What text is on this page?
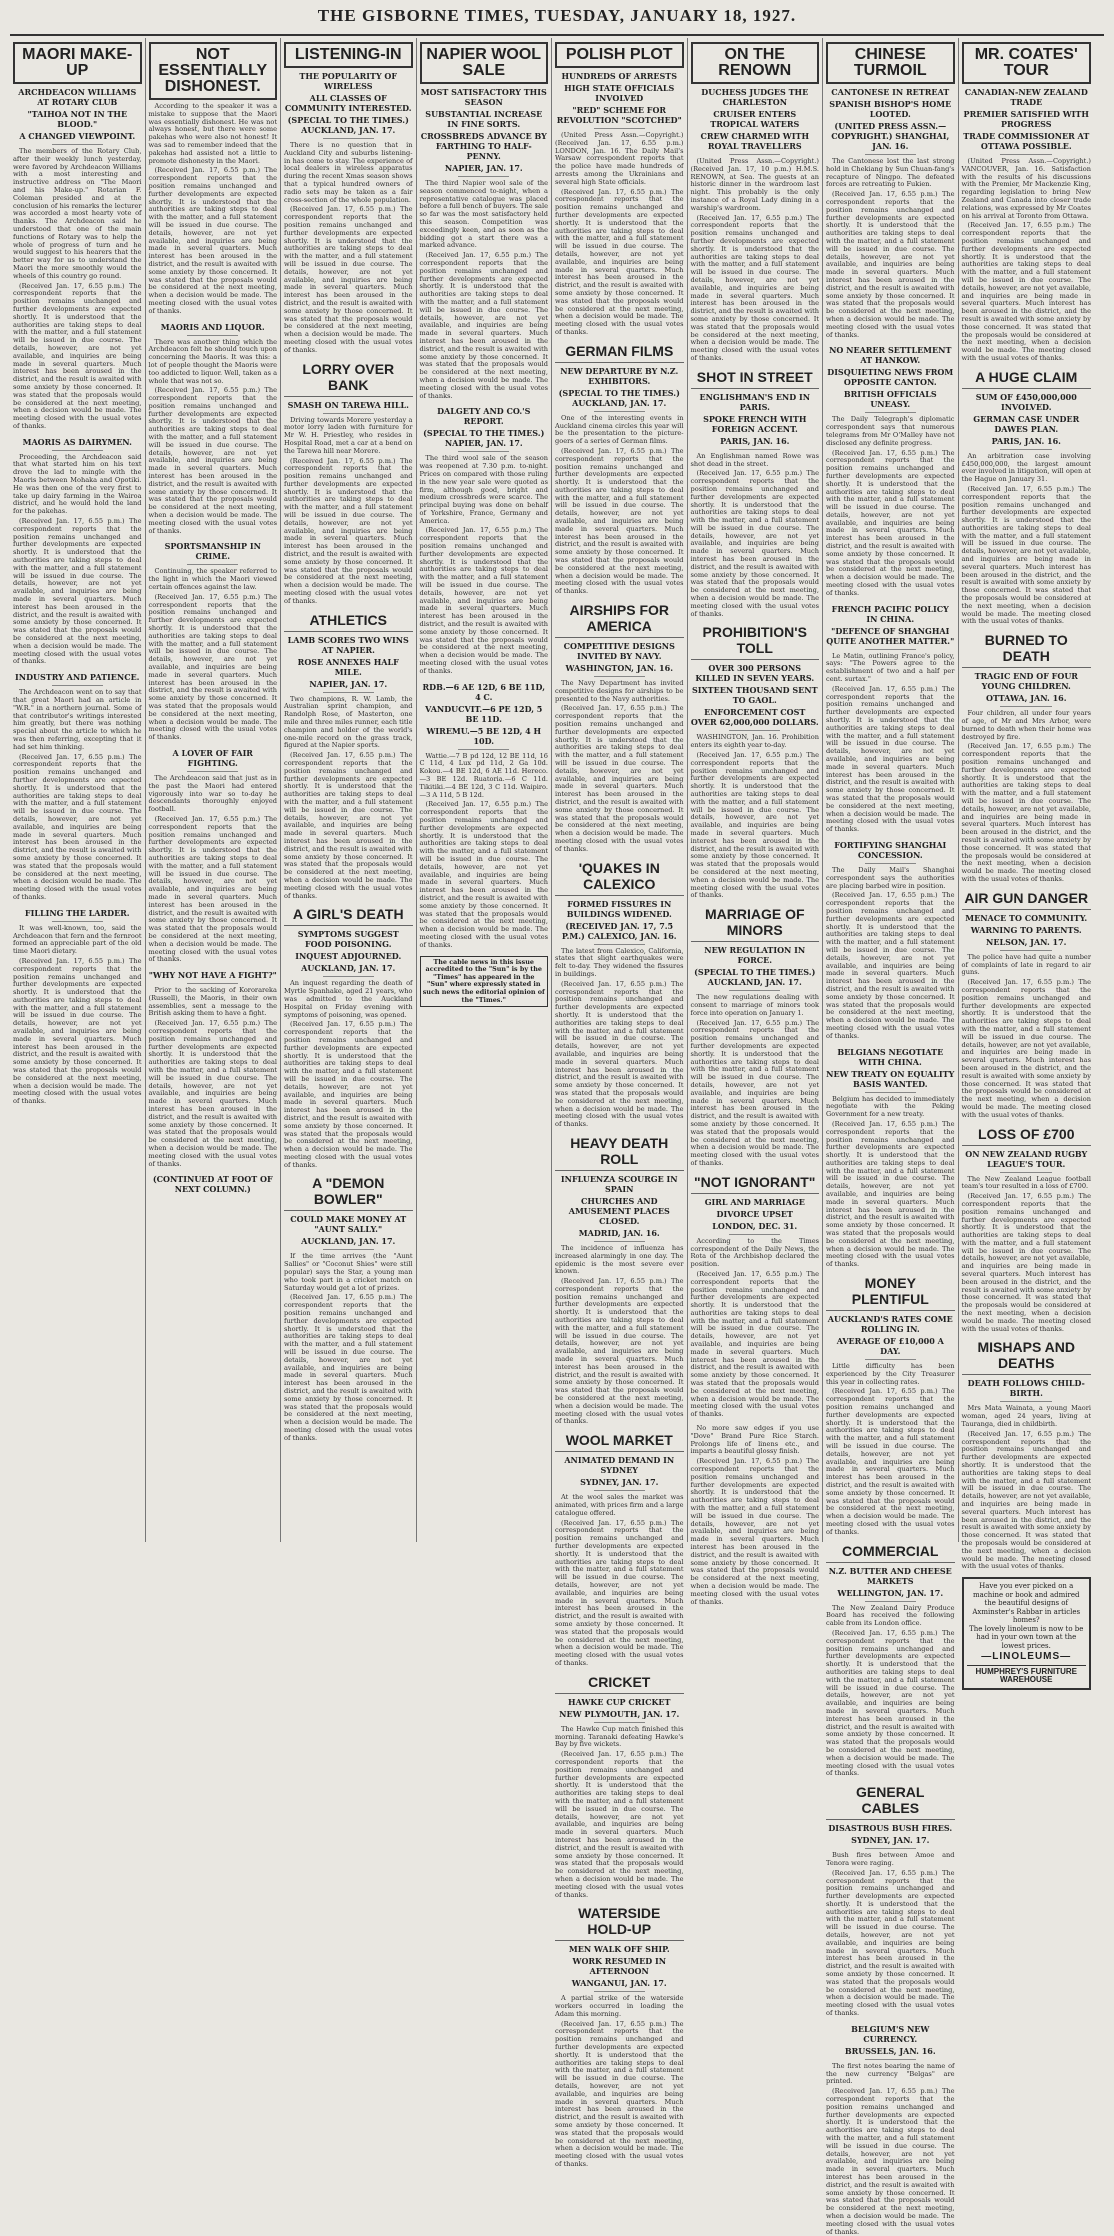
THE GISBORNE TIMES, TUESDAY, JANUARY 18, 1927.
MAORI MAKE-UP
ARCHDEACON WILLIAMS AT ROTARY CLUB
"TAIHOA NOT IN THE BLOOD."
A CHANGED VIEWPOINT.

The members of the Rotary Club, after their weekly lunch yesterday, were favored by Archdeacon Williams with a most interesting and instructive address on "The Maori and his Make-up." Rotarian F. Coleman presided and at the conclusion of his remarks the lecturer was accorded a most hearty vote of thanks. The Archdeacon said he understood that one of the main functions of Rotary was to help the whole of progress of turn and he would suggest to his hearers that the better way for us to understand the Maori the more smoothly would the wheels of this country go round.

(Received Jan. 17, 6.55 p.m.) The correspondent reports that the position remains unchanged and further developments are expected shortly. It is understood that the authorities are taking steps to deal with the matter, and a full statement will be issued in due course. The details, however, are not yet available, and inquiries are being made in several quarters. Much interest has been aroused in the district, and the result is awaited with some anxiety by those concerned. It was stated that the proposals would be considered at the next meeting, when a decision would be made. The meeting closed with the usual votes of thanks.

MAORIS AS DAIRYMEN.

Proceeding, the Archdeacon said that what started him on his text drove the lad to mingle with the Maoris between Mohaka and Opotiki. He was then one of the very first to take up dairy farming in the Wairoa district, and he would hold the land for the pakehas.

(Received Jan. 17, 6.55 p.m.) The correspondent reports that the position remains unchanged and further developments are expected shortly. It is understood that the authorities are taking steps to deal with the matter, and a full statement will be issued in due course. The details, however, are not yet available, and inquiries are being made in several quarters. Much interest has been aroused in the district, and the result is awaited with some anxiety by those concerned. It was stated that the proposals would be considered at the next meeting, when a decision would be made. The meeting closed with the usual votes of thanks.

INDUSTRY AND PATIENCE.

The Archdeacon went on to say that that great Maori had an article in "W.R." in a northern journal. Some of that contributor's writings interested him greatly, but there was nothing special about the article to which he was then referring, excepting that it had set him thinking.

(Received Jan. 17, 6.55 p.m.) The correspondent reports that the position remains unchanged and further developments are expected shortly. It is understood that the authorities are taking steps to deal with the matter, and a full statement will be issued in due course. The details, however, are not yet available, and inquiries are being made in several quarters. Much interest has been aroused in the district, and the result is awaited with some anxiety by those concerned. It was stated that the proposals would be considered at the next meeting, when a decision would be made. The meeting closed with the usual votes of thanks.

FILLING THE LARDER.

It was well-known, too, said the Archdeacon that fern and the fernroot formed an appreciable part of the old time Maori dietary.

(Received Jan. 17, 6.55 p.m.) The correspondent reports that the position remains unchanged and further developments are expected shortly. It is understood that the authorities are taking steps to deal with the matter, and a full statement will be issued in due course. The details, however, are not yet available, and inquiries are being made in several quarters. Much interest has been aroused in the district, and the result is awaited with some anxiety by those concerned. It was stated that the proposals would be considered at the next meeting, when a decision would be made. The meeting closed with the usual votes of thanks.

NOT ESSENTIALLY DISHONEST.

According to the speaker it was a mistake to suppose that the Maori was essentially dishonest. He was not always honest, but there were some pakehas who were also not honest! It was sad to remember indeed that the pakehas had assisted not a little to promote dishonesty in the Maori.

(Received Jan. 17, 6.55 p.m.) The correspondent reports that the position remains unchanged and further developments are expected shortly. It is understood that the authorities are taking steps to deal with the matter, and a full statement will be issued in due course. The details, however, are not yet available, and inquiries are being made in several quarters. Much interest has been aroused in the district, and the result is awaited with some anxiety by those concerned. It was stated that the proposals would be considered at the next meeting, when a decision would be made. The meeting closed with the usual votes of thanks.

MAORIS AND LIQUOR.

There was another thing which the Archdeacon felt he should touch upon concerning the Maoris. It was this: a lot of people thought the Maoris were too addicted to liquor. Well, taken as a whole that was not so.

(Received Jan. 17, 6.55 p.m.) The correspondent reports that the position remains unchanged and further developments are expected shortly. It is understood that the authorities are taking steps to deal with the matter, and a full statement will be issued in due course. The details, however, are not yet available, and inquiries are being made in several quarters. Much interest has been aroused in the district, and the result is awaited with some anxiety by those concerned. It was stated that the proposals would be considered at the next meeting, when a decision would be made. The meeting closed with the usual votes of thanks.

SPORTSMANSHIP IN CRIME.

Continuing, the speaker referred to the light in which the Maori viewed certain offences against the law.

(Received Jan. 17, 6.55 p.m.) The correspondent reports that the position remains unchanged and further developments are expected shortly. It is understood that the authorities are taking steps to deal with the matter, and a full statement will be issued in due course. The details, however, are not yet available, and inquiries are being made in several quarters. Much interest has been aroused in the district, and the result is awaited with some anxiety by those concerned. It was stated that the proposals would be considered at the next meeting, when a decision would be made. The meeting closed with the usual votes of thanks.

A LOVER OF FAIR FIGHTING.

The Archdeacon said that just as in the past the Maori had entered vigorously into war so to-day he descendants thoroughly enjoyed football.

(Received Jan. 17, 6.55 p.m.) The correspondent reports that the position remains unchanged and further developments are expected shortly. It is understood that the authorities are taking steps to deal with the matter, and a full statement will be issued in due course. The details, however, are not yet available, and inquiries are being made in several quarters. Much interest has been aroused in the district, and the result is awaited with some anxiety by those concerned. It was stated that the proposals would be considered at the next meeting, when a decision would be made. The meeting closed with the usual votes of thanks.

"WHY NOT HAVE A FIGHT?"

Prior to the sacking of Kororareka (Russell), the Maoris, in their own assemblies, sent a message to the British asking them to have a fight.

(Received Jan. 17, 6.55 p.m.) The correspondent reports that the position remains unchanged and further developments are expected shortly. It is understood that the authorities are taking steps to deal with the matter, and a full statement will be issued in due course. The details, however, are not yet available, and inquiries are being made in several quarters. Much interest has been aroused in the district, and the result is awaited with some anxiety by those concerned. It was stated that the proposals would be considered at the next meeting, when a decision would be made. The meeting closed with the usual votes of thanks.

(CONTINUED AT FOOT OF NEXT COLUMN.)
LISTENING-IN
THE POPULARITY OF WIRELESS
ALL CLASSES OF COMMUNITY INTERESTED.
(SPECIAL TO THE TIMES.) AUCKLAND, JAN. 17.

There is no question that in Auckland City and suburbs listening-in has come to stay. The experience of local dealers in wireless apparatus during the recent Xmas season shows that a typical hundred owners of radio sets may be taken as a fair cross-section of the whole population.

(Received Jan. 17, 6.55 p.m.) The correspondent reports that the position remains unchanged and further developments are expected shortly. It is understood that the authorities are taking steps to deal with the matter, and a full statement will be issued in due course. The details, however, are not yet available, and inquiries are being made in several quarters. Much interest has been aroused in the district, and the result is awaited with some anxiety by those concerned. It was stated that the proposals would be considered at the next meeting, when a decision would be made. The meeting closed with the usual votes of thanks.

LORRY OVER BANK
SMASH ON TAREWA HILL.

Driving towards Morere yesterday a motor lorry laden with furniture for Mr W. H. Priestley, who resides in Hospital Road, met a car at a bend on the Tarewa hill near Morere.

(Received Jan. 17, 6.55 p.m.) The correspondent reports that the position remains unchanged and further developments are expected shortly. It is understood that the authorities are taking steps to deal with the matter, and a full statement will be issued in due course. The details, however, are not yet available, and inquiries are being made in several quarters. Much interest has been aroused in the district, and the result is awaited with some anxiety by those concerned. It was stated that the proposals would be considered at the next meeting, when a decision would be made. The meeting closed with the usual votes of thanks.

ATHLETICS
LAMB SCORES TWO WINS AT NAPIER.
ROSE ANNEXES HALF MILE.
NAPIER, JAN. 17.

Two champions, R. W. Lamb, the Australian sprint champion, and Randolph Rose, of Masterton, one mile and three miles runner, each title champion and holder of the world's one-mile record on the grass track, figured at the Napier sports.

(Received Jan. 17, 6.55 p.m.) The correspondent reports that the position remains unchanged and further developments are expected shortly. It is understood that the authorities are taking steps to deal with the matter, and a full statement will be issued in due course. The details, however, are not yet available, and inquiries are being made in several quarters. Much interest has been aroused in the district, and the result is awaited with some anxiety by those concerned. It was stated that the proposals would be considered at the next meeting, when a decision would be made. The meeting closed with the usual votes of thanks.

A GIRL'S DEATH
SYMPTOMS SUGGEST FOOD POISONING.
INQUEST ADJOURNED.
AUCKLAND, JAN. 17.

An inquest regarding the death of Myrtle Spanhake, aged 21 years, who was admitted to the Auckland Hospital on Friday evening with symptoms of poisoning, was opened.

(Received Jan. 17, 6.55 p.m.) The correspondent reports that the position remains unchanged and further developments are expected shortly. It is understood that the authorities are taking steps to deal with the matter, and a full statement will be issued in due course. The details, however, are not yet available, and inquiries are being made in several quarters. Much interest has been aroused in the district, and the result is awaited with some anxiety by those concerned. It was stated that the proposals would be considered at the next meeting, when a decision would be made. The meeting closed with the usual votes of thanks.

A "DEMON BOWLER"
COULD MAKE MONEY AT "AUNT SALLY."
AUCKLAND, JAN. 17.

If the time arrives (the "Aunt Sallies" or "Coconut Shies" were still popular) says the Star, a young man who took part in a cricket match on Saturday would get a lot of prizes.

(Received Jan. 17, 6.55 p.m.) The correspondent reports that the position remains unchanged and further developments are expected shortly. It is understood that the authorities are taking steps to deal with the matter, and a full statement will be issued in due course. The details, however, are not yet available, and inquiries are being made in several quarters. Much interest has been aroused in the district, and the result is awaited with some anxiety by those concerned. It was stated that the proposals would be considered at the next meeting, when a decision would be made. The meeting closed with the usual votes of thanks.

NAPIER WOOL SALE
MOST SATISFACTORY THIS SEASON
SUBSTANTIAL INCREASE IN FINE SORTS.
CROSSBREDS ADVANCE BY FARTHING TO HALF-PENNY.
NAPIER, JAN. 17.

The third Napier wool sale of the season commenced to-night, when a representative catalogue was placed before a full bench of buyers. The sale so far was the most satisfactory held this season. Competition was exceedingly keen, and as soon as the bidding got a start there was a marked advance.

(Received Jan. 17, 6.55 p.m.) The correspondent reports that the position remains unchanged and further developments are expected shortly. It is understood that the authorities are taking steps to deal with the matter, and a full statement will be issued in due course. The details, however, are not yet available, and inquiries are being made in several quarters. Much interest has been aroused in the district, and the result is awaited with some anxiety by those concerned. It was stated that the proposals would be considered at the next meeting, when a decision would be made. The meeting closed with the usual votes of thanks.

DALGETY AND CO.'S REPORT.
(SPECIAL TO THE TIMES.) NAPIER, JAN. 17.

The third wool sale of the season was reopened at 7.30 p.m. to-night. Prices on compared with those ruling in the new year sale were quoted as firm, although good, bright and medium crossbreds were scarce. The principal buying was done on behalf of Yorkshire, France, Germany and America.

(Received Jan. 17, 6.55 p.m.) The correspondent reports that the position remains unchanged and further developments are expected shortly. It is understood that the authorities are taking steps to deal with the matter, and a full statement will be issued in due course. The details, however, are not yet available, and inquiries are being made in several quarters. Much interest has been aroused in the district, and the result is awaited with some anxiety by those concerned. It was stated that the proposals would be considered at the next meeting, when a decision would be made. The meeting closed with the usual votes of thanks.

RDB.—6 AE 12D, 6 BE 11D, 4 C.
VANDUCVIT.—6 PE 12D, 5 BE 11D.
WIREMU.—5 BE 12D, 4 H 10D.

Wattie.—7 B pd 12d, 12 BE 11d, 16 C 11d, 4 Lux pd 11d, 2 Ga 10d. Kokou.—4 BE 12d, 6 AE 11d. Hereco.—3 BE 12d. Ruatoria.—6 C 11d. Tikitiki.—4 BE 12d, 3 C 11d. Waipiro.—3 A 11d, 5 B 12d.

(Received Jan. 17, 6.55 p.m.) The correspondent reports that the position remains unchanged and further developments are expected shortly. It is understood that the authorities are taking steps to deal with the matter, and a full statement will be issued in due course. The details, however, are not yet available, and inquiries are being made in several quarters. Much interest has been aroused in the district, and the result is awaited with some anxiety by those concerned. It was stated that the proposals would be considered at the next meeting, when a decision would be made. The meeting closed with the usual votes of thanks.

The cable news in this issue accredited to the "Sun" is by the "Times" has appeared in the "Sun" where expressly stated in such news the editorial opinion of the "Times."
POLISH PLOT
HUNDREDS OF ARRESTS
HIGH STATE OFFICIALS INVOLVED
"RED" SCHEME FOR REVOLUTION "SCOTCHED"

(United Press Assn.—Copyright.) (Received Jan. 17, 6.55 p.m.) LONDON, Jan. 16. The Daily Mail's Warsaw correspondent reports that the police have made hundreds of arrests among the Ukrainians and several high State officials.

(Received Jan. 17, 6.55 p.m.) The correspondent reports that the position remains unchanged and further developments are expected shortly. It is understood that the authorities are taking steps to deal with the matter, and a full statement will be issued in due course. The details, however, are not yet available, and inquiries are being made in several quarters. Much interest has been aroused in the district, and the result is awaited with some anxiety by those concerned. It was stated that the proposals would be considered at the next meeting, when a decision would be made. The meeting closed with the usual votes of thanks.

GERMAN FILMS
NEW DEPARTURE BY N.Z. EXHIBITORS.
(SPECIAL TO THE TIMES.) AUCKLAND, JAN. 17.

One of the interesting events in Auckland cinema circles this year will be the presentation to the picture-goers of a series of German films.

(Received Jan. 17, 6.55 p.m.) The correspondent reports that the position remains unchanged and further developments are expected shortly. It is understood that the authorities are taking steps to deal with the matter, and a full statement will be issued in due course. The details, however, are not yet available, and inquiries are being made in several quarters. Much interest has been aroused in the district, and the result is awaited with some anxiety by those concerned. It was stated that the proposals would be considered at the next meeting, when a decision would be made. The meeting closed with the usual votes of thanks.

AIRSHIPS FOR AMERICA
COMPETITIVE DESIGNS INVITED BY NAVY.
WASHINGTON, JAN. 16.

The Navy Department has invited competitive designs for airships to be presented to the Navy authorities.

(Received Jan. 17, 6.55 p.m.) The correspondent reports that the position remains unchanged and further developments are expected shortly. It is understood that the authorities are taking steps to deal with the matter, and a full statement will be issued in due course. The details, however, are not yet available, and inquiries are being made in several quarters. Much interest has been aroused in the district, and the result is awaited with some anxiety by those concerned. It was stated that the proposals would be considered at the next meeting, when a decision would be made. The meeting closed with the usual votes of thanks.

'QUAKES IN CALEXICO
FORMED FISSURES IN BUILDINGS WIDENED.
(RECEIVED JAN. 17, 7.5 P.M.) CALEXICO, JAN. 16.

The latest from Calexico, California, states that slight earthquakes were felt to-day. They widened the fissures in buildings.

(Received Jan. 17, 6.55 p.m.) The correspondent reports that the position remains unchanged and further developments are expected shortly. It is understood that the authorities are taking steps to deal with the matter, and a full statement will be issued in due course. The details, however, are not yet available, and inquiries are being made in several quarters. Much interest has been aroused in the district, and the result is awaited with some anxiety by those concerned. It was stated that the proposals would be considered at the next meeting, when a decision would be made. The meeting closed with the usual votes of thanks.

HEAVY DEATH ROLL
INFLUENZA SCOURGE IN SPAIN
CHURCHES AND AMUSEMENT PLACES CLOSED.
MADRID, JAN. 16.

The incidence of influenza has increased alarmingly in one day. The epidemic is the most severe ever known.

(Received Jan. 17, 6.55 p.m.) The correspondent reports that the position remains unchanged and further developments are expected shortly. It is understood that the authorities are taking steps to deal with the matter, and a full statement will be issued in due course. The details, however, are not yet available, and inquiries are being made in several quarters. Much interest has been aroused in the district, and the result is awaited with some anxiety by those concerned. It was stated that the proposals would be considered at the next meeting, when a decision would be made. The meeting closed with the usual votes of thanks.

WOOL MARKET
ANIMATED DEMAND IN SYDNEY
SYDNEY, JAN. 17.

At the wool sales the market was animated, with prices firm and a large catalogue offered.

(Received Jan. 17, 6.55 p.m.) The correspondent reports that the position remains unchanged and further developments are expected shortly. It is understood that the authorities are taking steps to deal with the matter, and a full statement will be issued in due course. The details, however, are not yet available, and inquiries are being made in several quarters. Much interest has been aroused in the district, and the result is awaited with some anxiety by those concerned. It was stated that the proposals would be considered at the next meeting, when a decision would be made. The meeting closed with the usual votes of thanks.

CRICKET
HAWKE CUP CRICKET
NEW PLYMOUTH, JAN. 17.

The Hawke Cup match finished this morning. Taranaki defeating Hawke's Bay by five wickets.

(Received Jan. 17, 6.55 p.m.) The correspondent reports that the position remains unchanged and further developments are expected shortly. It is understood that the authorities are taking steps to deal with the matter, and a full statement will be issued in due course. The details, however, are not yet available, and inquiries are being made in several quarters. Much interest has been aroused in the district, and the result is awaited with some anxiety by those concerned. It was stated that the proposals would be considered at the next meeting, when a decision would be made. The meeting closed with the usual votes of thanks.

WATERSIDE HOLD-UP
MEN WALK OFF SHIP.
WORK RESUMED IN AFTERNOON
WANGANUI, JAN. 17.

A partial strike of the waterside workers occurred in loading the Adam this morning.

(Received Jan. 17, 6.55 p.m.) The correspondent reports that the position remains unchanged and further developments are expected shortly. It is understood that the authorities are taking steps to deal with the matter, and a full statement will be issued in due course. The details, however, are not yet available, and inquiries are being made in several quarters. Much interest has been aroused in the district, and the result is awaited with some anxiety by those concerned. It was stated that the proposals would be considered at the next meeting, when a decision would be made. The meeting closed with the usual votes of thanks.

ON THE RENOWN
DUCHESS JUDGES THE CHARLESTON
CRUISER ENTERS TROPICAL WATERS
CREW CHARMED WITH ROYAL TRAVELLERS

(United Press Assn.—Copyright.) (Received Jan. 17, 10 p.m.) H.M.S. RENOWN, at Sea. The guests at an historic dinner in the wardroom last night. This probably is the only instance of a Royal Lady dining in a warship's wardroom.

(Received Jan. 17, 6.55 p.m.) The correspondent reports that the position remains unchanged and further developments are expected shortly. It is understood that the authorities are taking steps to deal with the matter, and a full statement will be issued in due course. The details, however, are not yet available, and inquiries are being made in several quarters. Much interest has been aroused in the district, and the result is awaited with some anxiety by those concerned. It was stated that the proposals would be considered at the next meeting, when a decision would be made. The meeting closed with the usual votes of thanks.

SHOT IN STREET
ENGLISHMAN'S END IN PARIS.
SPOKE FRENCH WITH FOREIGN ACCENT.
PARIS, JAN. 16.

An Englishman named Rowe was shot dead in the street.

(Received Jan. 17, 6.55 p.m.) The correspondent reports that the position remains unchanged and further developments are expected shortly. It is understood that the authorities are taking steps to deal with the matter, and a full statement will be issued in due course. The details, however, are not yet available, and inquiries are being made in several quarters. Much interest has been aroused in the district, and the result is awaited with some anxiety by those concerned. It was stated that the proposals would be considered at the next meeting, when a decision would be made. The meeting closed with the usual votes of thanks.

PROHIBITION'S TOLL
OVER 300 PERSONS KILLED IN SEVEN YEARS.
SIXTEEN THOUSAND SENT TO GAOL.
ENFORCEMENT COST OVER 62,000,000 DOLLARS.

WASHINGTON, Jan. 16. Prohibition enters its eighth year to-day.

(Received Jan. 17, 6.55 p.m.) The correspondent reports that the position remains unchanged and further developments are expected shortly. It is understood that the authorities are taking steps to deal with the matter, and a full statement will be issued in due course. The details, however, are not yet available, and inquiries are being made in several quarters. Much interest has been aroused in the district, and the result is awaited with some anxiety by those concerned. It was stated that the proposals would be considered at the next meeting, when a decision would be made. The meeting closed with the usual votes of thanks.

MARRIAGE OF MINORS
NEW REGULATION IN FORCE.
(SPECIAL TO THE TIMES.) AUCKLAND, JAN. 17.

The new regulations dealing with consent to marriage of minors took force into operation on January 1.

(Received Jan. 17, 6.55 p.m.) The correspondent reports that the position remains unchanged and further developments are expected shortly. It is understood that the authorities are taking steps to deal with the matter, and a full statement will be issued in due course. The details, however, are not yet available, and inquiries are being made in several quarters. Much interest has been aroused in the district, and the result is awaited with some anxiety by those concerned. It was stated that the proposals would be considered at the next meeting, when a decision would be made. The meeting closed with the usual votes of thanks.

"NOT IGNORANT"
GIRL AND MARRIAGE
DIVORCE UPSET
LONDON, DEC. 31.

According to the Times correspondent of the Daily News, the Rota of the Archbishop declared the position.

(Received Jan. 17, 6.55 p.m.) The correspondent reports that the position remains unchanged and further developments are expected shortly. It is understood that the authorities are taking steps to deal with the matter, and a full statement will be issued in due course. The details, however, are not yet available, and inquiries are being made in several quarters. Much interest has been aroused in the district, and the result is awaited with some anxiety by those concerned. It was stated that the proposals would be considered at the next meeting, when a decision would be made. The meeting closed with the usual votes of thanks.

No more saw edges if you use "Dove" Brand Pure Rice Starch. Prolongs life of linens etc., and imparts a beautiful glossy finish.

(Received Jan. 17, 6.55 p.m.) The correspondent reports that the position remains unchanged and further developments are expected shortly. It is understood that the authorities are taking steps to deal with the matter, and a full statement will be issued in due course. The details, however, are not yet available, and inquiries are being made in several quarters. Much interest has been aroused in the district, and the result is awaited with some anxiety by those concerned. It was stated that the proposals would be considered at the next meeting, when a decision would be made. The meeting closed with the usual votes of thanks.

CHINESE TURMOIL
CANTONESE IN RETREAT
SPANISH BISHOP'S HOME LOOTED.
(UNITED PRESS ASSN.—COPYRIGHT.) SHANGHAI, JAN. 16.

The Cantonese lost the last strong hold in Chekiang by Sun Chuan-fang's recapture of Ningpo. The defeated forces are retreating to Fukien.

(Received Jan. 17, 6.55 p.m.) The correspondent reports that the position remains unchanged and further developments are expected shortly. It is understood that the authorities are taking steps to deal with the matter, and a full statement will be issued in due course. The details, however, are not yet available, and inquiries are being made in several quarters. Much interest has been aroused in the district, and the result is awaited with some anxiety by those concerned. It was stated that the proposals would be considered at the next meeting, when a decision would be made. The meeting closed with the usual votes of thanks.

NO NEARER SETTLEMENT AT HANKOW.
DISQUIETING NEWS FROM OPPOSITE CANTON.
BRITISH OFFICIALS UNEASY.

The Daily Telegraph's diplomatic correspondent says that numerous telegrams from Mr O'Malley have not disclosed any definite progress.

(Received Jan. 17, 6.55 p.m.) The correspondent reports that the position remains unchanged and further developments are expected shortly. It is understood that the authorities are taking steps to deal with the matter, and a full statement will be issued in due course. The details, however, are not yet available, and inquiries are being made in several quarters. Much interest has been aroused in the district, and the result is awaited with some anxiety by those concerned. It was stated that the proposals would be considered at the next meeting, when a decision would be made. The meeting closed with the usual votes of thanks.

FRENCH PACIFIC POLICY IN CHINA.
"DEFENCE OF SHANGHAI QUITE ANOTHER MATTER."

Le Matin, outlining France's policy, says: "The Powers agree to the establishment of two and a half per cent. surtax."

(Received Jan. 17, 6.55 p.m.) The correspondent reports that the position remains unchanged and further developments are expected shortly. It is understood that the authorities are taking steps to deal with the matter, and a full statement will be issued in due course. The details, however, are not yet available, and inquiries are being made in several quarters. Much interest has been aroused in the district, and the result is awaited with some anxiety by those concerned. It was stated that the proposals would be considered at the next meeting, when a decision would be made. The meeting closed with the usual votes of thanks.

FORTIFYING SHANGHAI CONCESSION.

The Daily Mail's Shanghai correspondent says the authorities are placing barbed wire in position.

(Received Jan. 17, 6.55 p.m.) The correspondent reports that the position remains unchanged and further developments are expected shortly. It is understood that the authorities are taking steps to deal with the matter, and a full statement will be issued in due course. The details, however, are not yet available, and inquiries are being made in several quarters. Much interest has been aroused in the district, and the result is awaited with some anxiety by those concerned. It was stated that the proposals would be considered at the next meeting, when a decision would be made. The meeting closed with the usual votes of thanks.

BELGIANS NEGOTIATE WITH CHINA.
NEW TREATY ON EQUALITY BASIS WANTED.

Belgium has decided to immediately negotiate with the Peking Government for a new treaty.

(Received Jan. 17, 6.55 p.m.) The correspondent reports that the position remains unchanged and further developments are expected shortly. It is understood that the authorities are taking steps to deal with the matter, and a full statement will be issued in due course. The details, however, are not yet available, and inquiries are being made in several quarters. Much interest has been aroused in the district, and the result is awaited with some anxiety by those concerned. It was stated that the proposals would be considered at the next meeting, when a decision would be made. The meeting closed with the usual votes of thanks.

MONEY PLENTIFUL
AUCKLAND'S RATES COME ROLLING IN.
AVERAGE OF £10,000 A DAY.

Little difficulty has been experienced by the City Treasurer this year in collecting rates.

(Received Jan. 17, 6.55 p.m.) The correspondent reports that the position remains unchanged and further developments are expected shortly. It is understood that the authorities are taking steps to deal with the matter, and a full statement will be issued in due course. The details, however, are not yet available, and inquiries are being made in several quarters. Much interest has been aroused in the district, and the result is awaited with some anxiety by those concerned. It was stated that the proposals would be considered at the next meeting, when a decision would be made. The meeting closed with the usual votes of thanks.

COMMERCIAL
N.Z. BUTTER AND CHEESE MARKETS
WELLINGTON, JAN. 17.

The New Zealand Dairy Produce Board has received the following cable from its London office.

(Received Jan. 17, 6.55 p.m.) The correspondent reports that the position remains unchanged and further developments are expected shortly. It is understood that the authorities are taking steps to deal with the matter, and a full statement will be issued in due course. The details, however, are not yet available, and inquiries are being made in several quarters. Much interest has been aroused in the district, and the result is awaited with some anxiety by those concerned. It was stated that the proposals would be considered at the next meeting, when a decision would be made. The meeting closed with the usual votes of thanks.

GENERAL CABLES
DISASTROUS BUSH FIRES.
SYDNEY, JAN. 17.

Bush fires between Amoe and Tenora were raging.

(Received Jan. 17, 6.55 p.m.) The correspondent reports that the position remains unchanged and further developments are expected shortly. It is understood that the authorities are taking steps to deal with the matter, and a full statement will be issued in due course. The details, however, are not yet available, and inquiries are being made in several quarters. Much interest has been aroused in the district, and the result is awaited with some anxiety by those concerned. It was stated that the proposals would be considered at the next meeting, when a decision would be made. The meeting closed with the usual votes of thanks.

BELGIUM'S NEW CURRENCY.
BRUSSELS, JAN. 16.

The first notes bearing the name of the new currency "Belgas" are printed.

(Received Jan. 17, 6.55 p.m.) The correspondent reports that the position remains unchanged and further developments are expected shortly. It is understood that the authorities are taking steps to deal with the matter, and a full statement will be issued in due course. The details, however, are not yet available, and inquiries are being made in several quarters. Much interest has been aroused in the district, and the result is awaited with some anxiety by those concerned. It was stated that the proposals would be considered at the next meeting, when a decision would be made. The meeting closed with the usual votes of thanks.

MR. COATES' TOUR
CANADIAN-NEW ZEALAND TRADE
PREMIER SATISFIED WITH PROGRESS
TRADE COMMISSIONER AT OTTAWA POSSIBLE.

(United Press Assn.—Copyright.) VANCOUVER, Jan. 16. Satisfaction with the results of his discussions with the Premier, Mr Mackenzie King, regarding legislation to bring New Zealand and Canada into closer trade relations, was expressed by Mr Coates on his arrival at Toronto from Ottawa.

(Received Jan. 17, 6.55 p.m.) The correspondent reports that the position remains unchanged and further developments are expected shortly. It is understood that the authorities are taking steps to deal with the matter, and a full statement will be issued in due course. The details, however, are not yet available, and inquiries are being made in several quarters. Much interest has been aroused in the district, and the result is awaited with some anxiety by those concerned. It was stated that the proposals would be considered at the next meeting, when a decision would be made. The meeting closed with the usual votes of thanks.

A HUGE CLAIM
SUM OF £450,000,000 INVOLVED.
GERMAN CASE UNDER DAWES PLAN.
PARIS, JAN. 16.

An arbitration case involving £450,000,000, the largest amount ever involved in litigation, will open at the Hague on January 31.

(Received Jan. 17, 6.55 p.m.) The correspondent reports that the position remains unchanged and further developments are expected shortly. It is understood that the authorities are taking steps to deal with the matter, and a full statement will be issued in due course. The details, however, are not yet available, and inquiries are being made in several quarters. Much interest has been aroused in the district, and the result is awaited with some anxiety by those concerned. It was stated that the proposals would be considered at the next meeting, when a decision would be made. The meeting closed with the usual votes of thanks.

BURNED TO DEATH
TRAGIC END OF FOUR YOUNG CHILDREN.
OTTAWA, JAN. 16.

Four children, all under four years of age, of Mr and Mrs Arbor, were burned to death when their home was destroyed by fire.

(Received Jan. 17, 6.55 p.m.) The correspondent reports that the position remains unchanged and further developments are expected shortly. It is understood that the authorities are taking steps to deal with the matter, and a full statement will be issued in due course. The details, however, are not yet available, and inquiries are being made in several quarters. Much interest has been aroused in the district, and the result is awaited with some anxiety by those concerned. It was stated that the proposals would be considered at the next meeting, when a decision would be made. The meeting closed with the usual votes of thanks.

AIR GUN DANGER
MENACE TO COMMUNITY.
WARNING TO PARENTS.
NELSON, JAN. 17.

The police have had quite a number of complaints of late in regard to air guns.

(Received Jan. 17, 6.55 p.m.) The correspondent reports that the position remains unchanged and further developments are expected shortly. It is understood that the authorities are taking steps to deal with the matter, and a full statement will be issued in due course. The details, however, are not yet available, and inquiries are being made in several quarters. Much interest has been aroused in the district, and the result is awaited with some anxiety by those concerned. It was stated that the proposals would be considered at the next meeting, when a decision would be made. The meeting closed with the usual votes of thanks.

LOSS OF £700
ON NEW ZEALAND RUGBY LEAGUE'S TOUR.

The New Zealand League football team's tour resulted in a loss of £700.

(Received Jan. 17, 6.55 p.m.) The correspondent reports that the position remains unchanged and further developments are expected shortly. It is understood that the authorities are taking steps to deal with the matter, and a full statement will be issued in due course. The details, however, are not yet available, and inquiries are being made in several quarters. Much interest has been aroused in the district, and the result is awaited with some anxiety by those concerned. It was stated that the proposals would be considered at the next meeting, when a decision would be made. The meeting closed with the usual votes of thanks.

MISHAPS AND DEATHS
DEATH FOLLOWS CHILD-BIRTH.

Mrs Mata Wainata, a young Maori woman, aged 24 years, living at Tauranga, died in childbirth.

(Received Jan. 17, 6.55 p.m.) The correspondent reports that the position remains unchanged and further developments are expected shortly. It is understood that the authorities are taking steps to deal with the matter, and a full statement will be issued in due course. The details, however, are not yet available, and inquiries are being made in several quarters. Much interest has been aroused in the district, and the result is awaited with some anxiety by those concerned. It was stated that the proposals would be considered at the next meeting, when a decision would be made. The meeting closed with the usual votes of thanks.

Have you ever picked on a machine or book and admired the beautiful designs of Axminster's Rabbar in articles homes?
The lovely linoleum is now to be had in your own town at the lowest prices.
—LINOLEUMS—
HUMPHREY'S FURNITURE WAREHOUSE
